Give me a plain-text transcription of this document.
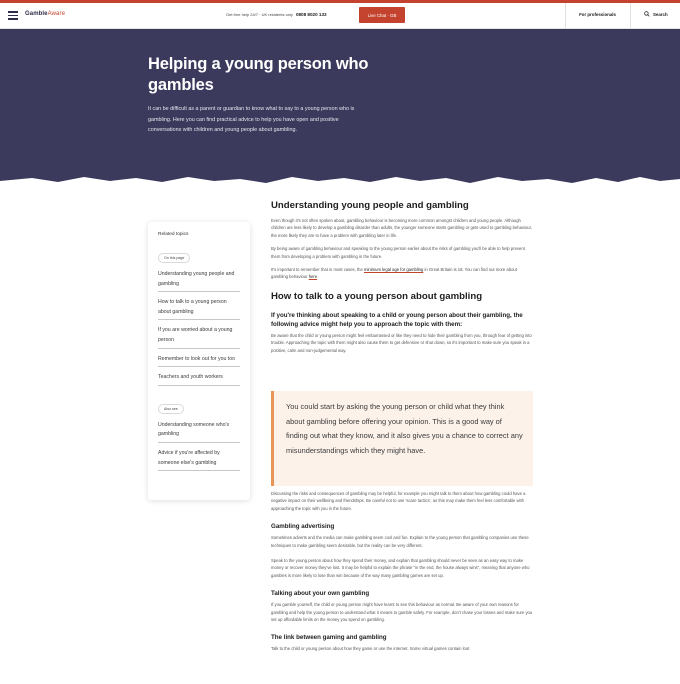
GambleAware	Get free help 24/7 · UK residents only 0808 8020 133	Live Chat · GB	For professionals	Search
Helping a young person who gambles

It can be difficult as a parent or guardian to know what to say to a young person who is gambling. Here you can find practical advice to help you have open and positive conversations with children and young people about gambling.

Related topics
On this page
Understanding young people and gambling
How to talk to a young person about gambling
If you are worried about a young person
Remember to look out for you too
Teachers and youth workers
Also see
Understanding someone who's gambling
Advice if you're affected by someone else's gambling
Understanding young people and gambling
Even though it's not often spoken about, gambling behaviour is becoming more common amongst children and young people. Although children are less likely to develop a gambling disorder than adults, the younger someone starts gambling or gets used to gambling behaviour, the more likely they are to have a problem with gambling later in life.
By being aware of gambling behaviour and speaking to the young person earlier about the risks of gambling you'll be able to help prevent them from developing a problem with gambling in the future.
It's important to remember that in most cases, the minimum legal age for gambling in Great Britain is 18. You can find out more about gambling behaviour here.
How to talk to a young person about gambling
If you're thinking about speaking to a child or young person about their gambling, the following advice might help you to approach the topic with them:
Be aware that the child or young person might feel embarrassed or like they need to hide their gambling from you, through fear of getting into trouble. Approaching the topic with them might also cause them to get defensive or shut down, so it's important to make sure you speak in a positive, calm and non-judgemental way.

You could start by asking the young person or child what they think about gambling before offering your opinion. This is a good way of finding out what they know, and it also gives you a chance to correct any misunderstandings which they might have.

Discussing the risks and consequences of gambling may be helpful, for example you might talk to them about how gambling could have a negative impact on their wellbeing and friendships. Be careful not to use 'scare tactics', as this may make them feel less comfortable with approaching the topic with you in the future.
Gambling advertising
Sometimes adverts and the media can make gambling seem cool and fun. Explain to the young person that gambling companies use these techniques to make gambling seem desirable, but the reality can be very different.
Speak to the young person about how they spend their money, and explain that gambling should never be seen as an easy way to make money or recover money they've lost. It may be helpful to explain the phrase "in the end, the house always wins", meaning that anyone who gambles is more likely to lose than win because of the way many gambling games are set up.
Talking about your own gambling
If you gamble yourself, the child or young person might have learnt to see this behaviour as normal. Be aware of your own reasons for gambling and help the young person to understand what it means to gamble safely. For example, don't chase your losses and make sure you set up affordable limits on the money you spend on gambling.
The link between gaming and gambling
Talk to the child or young person about how they game or use the internet. Some virtual games contain loot
